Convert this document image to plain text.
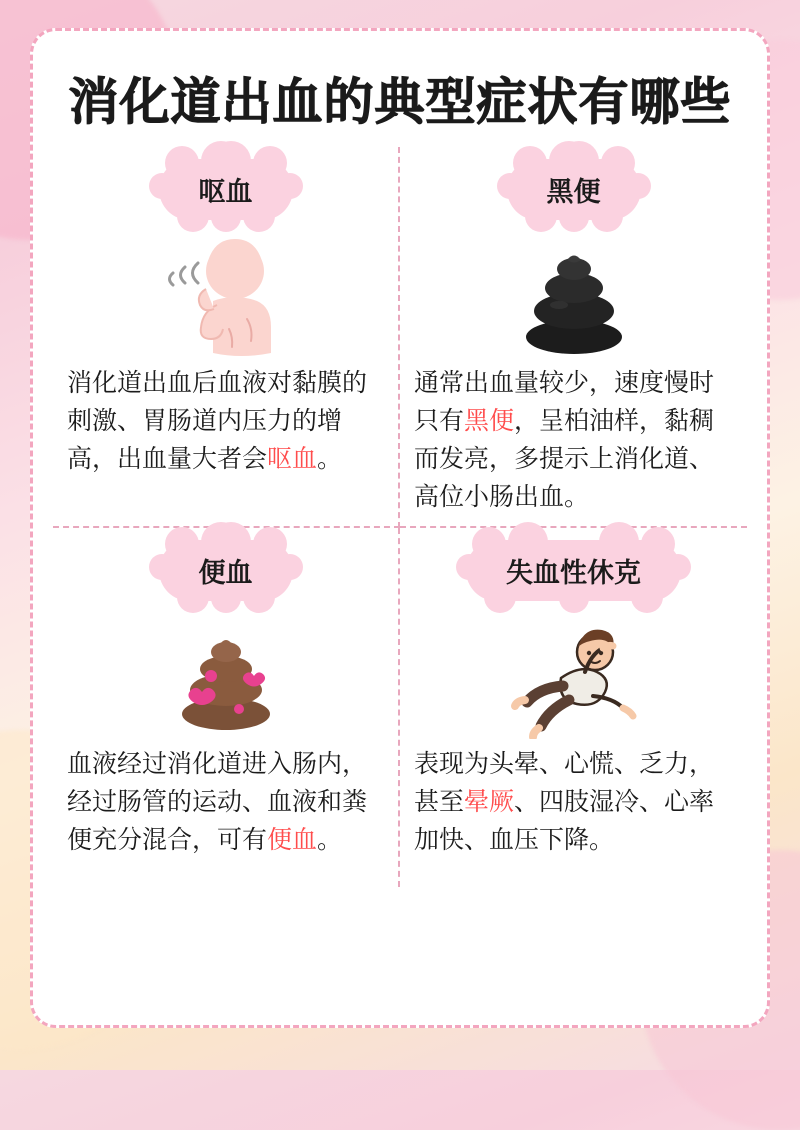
消化道出血的典型症状有哪些
呕血
消化道出血后血液对黏膜的刺激、胃肠道内压力的增高，出血量大者会呕血。
黑便
通常出血量较少，速度慢时只有黑便，呈柏油样，黏稠而发亮，多提示上消化道、高位小肠出血。
便血
血液经过消化道进入肠内，经过肠管的运动、血液和粪便充分混合，可有便血。
失血性休克
表现为头晕、心慌、乏力，甚至晕厥、四肢湿冷、心率加快、血压下降。
